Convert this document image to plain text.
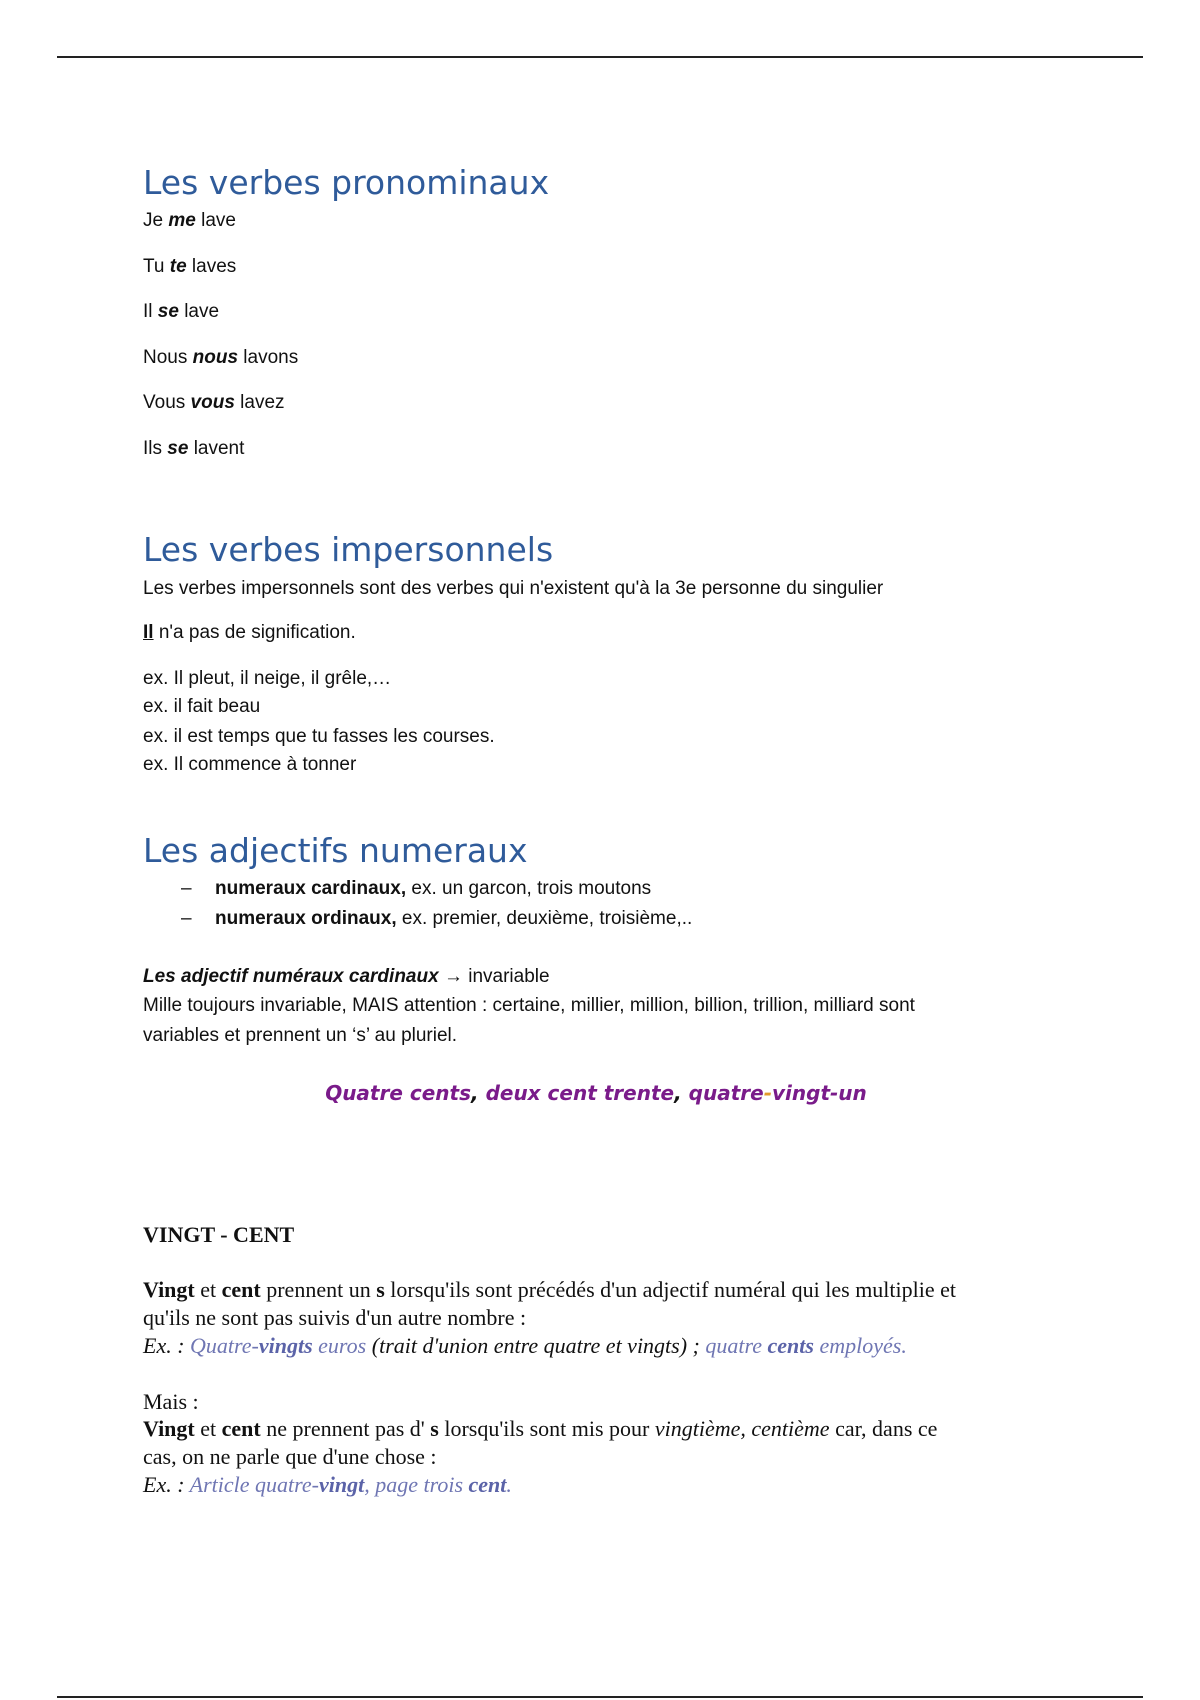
Les verbes pronominaux
Je me lave
Tu te laves
Il se lave
Nous nous lavons
Vous vous lavez
Ils se lavent
Les verbes impersonnels
Les verbes impersonnels sont des verbes qui n'existent qu'à la 3e personne du singulier
Il n'a pas de signification.
ex. Il pleut, il neige, il grêle,…
ex. il fait beau
ex. il est temps que tu fasses les courses.
ex. Il commence à tonner
Les adjectifs numeraux
– numeraux cardinaux, ex. un garcon, trois moutons
– numeraux ordinaux, ex. premier, deuxième, troisième,..
Les adjectif numéraux cardinaux → invariable
Mille toujours invariable, MAIS attention : certaine, millier, million, billion, trillion, milliard sont
variables et prennent un ‘s’ au pluriel.
Quatre cents, deux cent trente, quatre-vingt-un
VINGT - CENT
Vingt et cent prennent un s lorsqu'ils sont précédés d'un adjectif numéral qui les multiplie et
qu'ils ne sont pas suivis d'un autre nombre :
Ex. : Quatre-vingts euros (trait d'union entre quatre et vingts) ; quatre cents employés.
Mais :
Vingt et cent ne prennent pas d' s lorsqu'ils sont mis pour vingtième, centième car, dans ce
cas, on ne parle que d'une chose :
Ex. : Article quatre-vingt, page trois cent.
